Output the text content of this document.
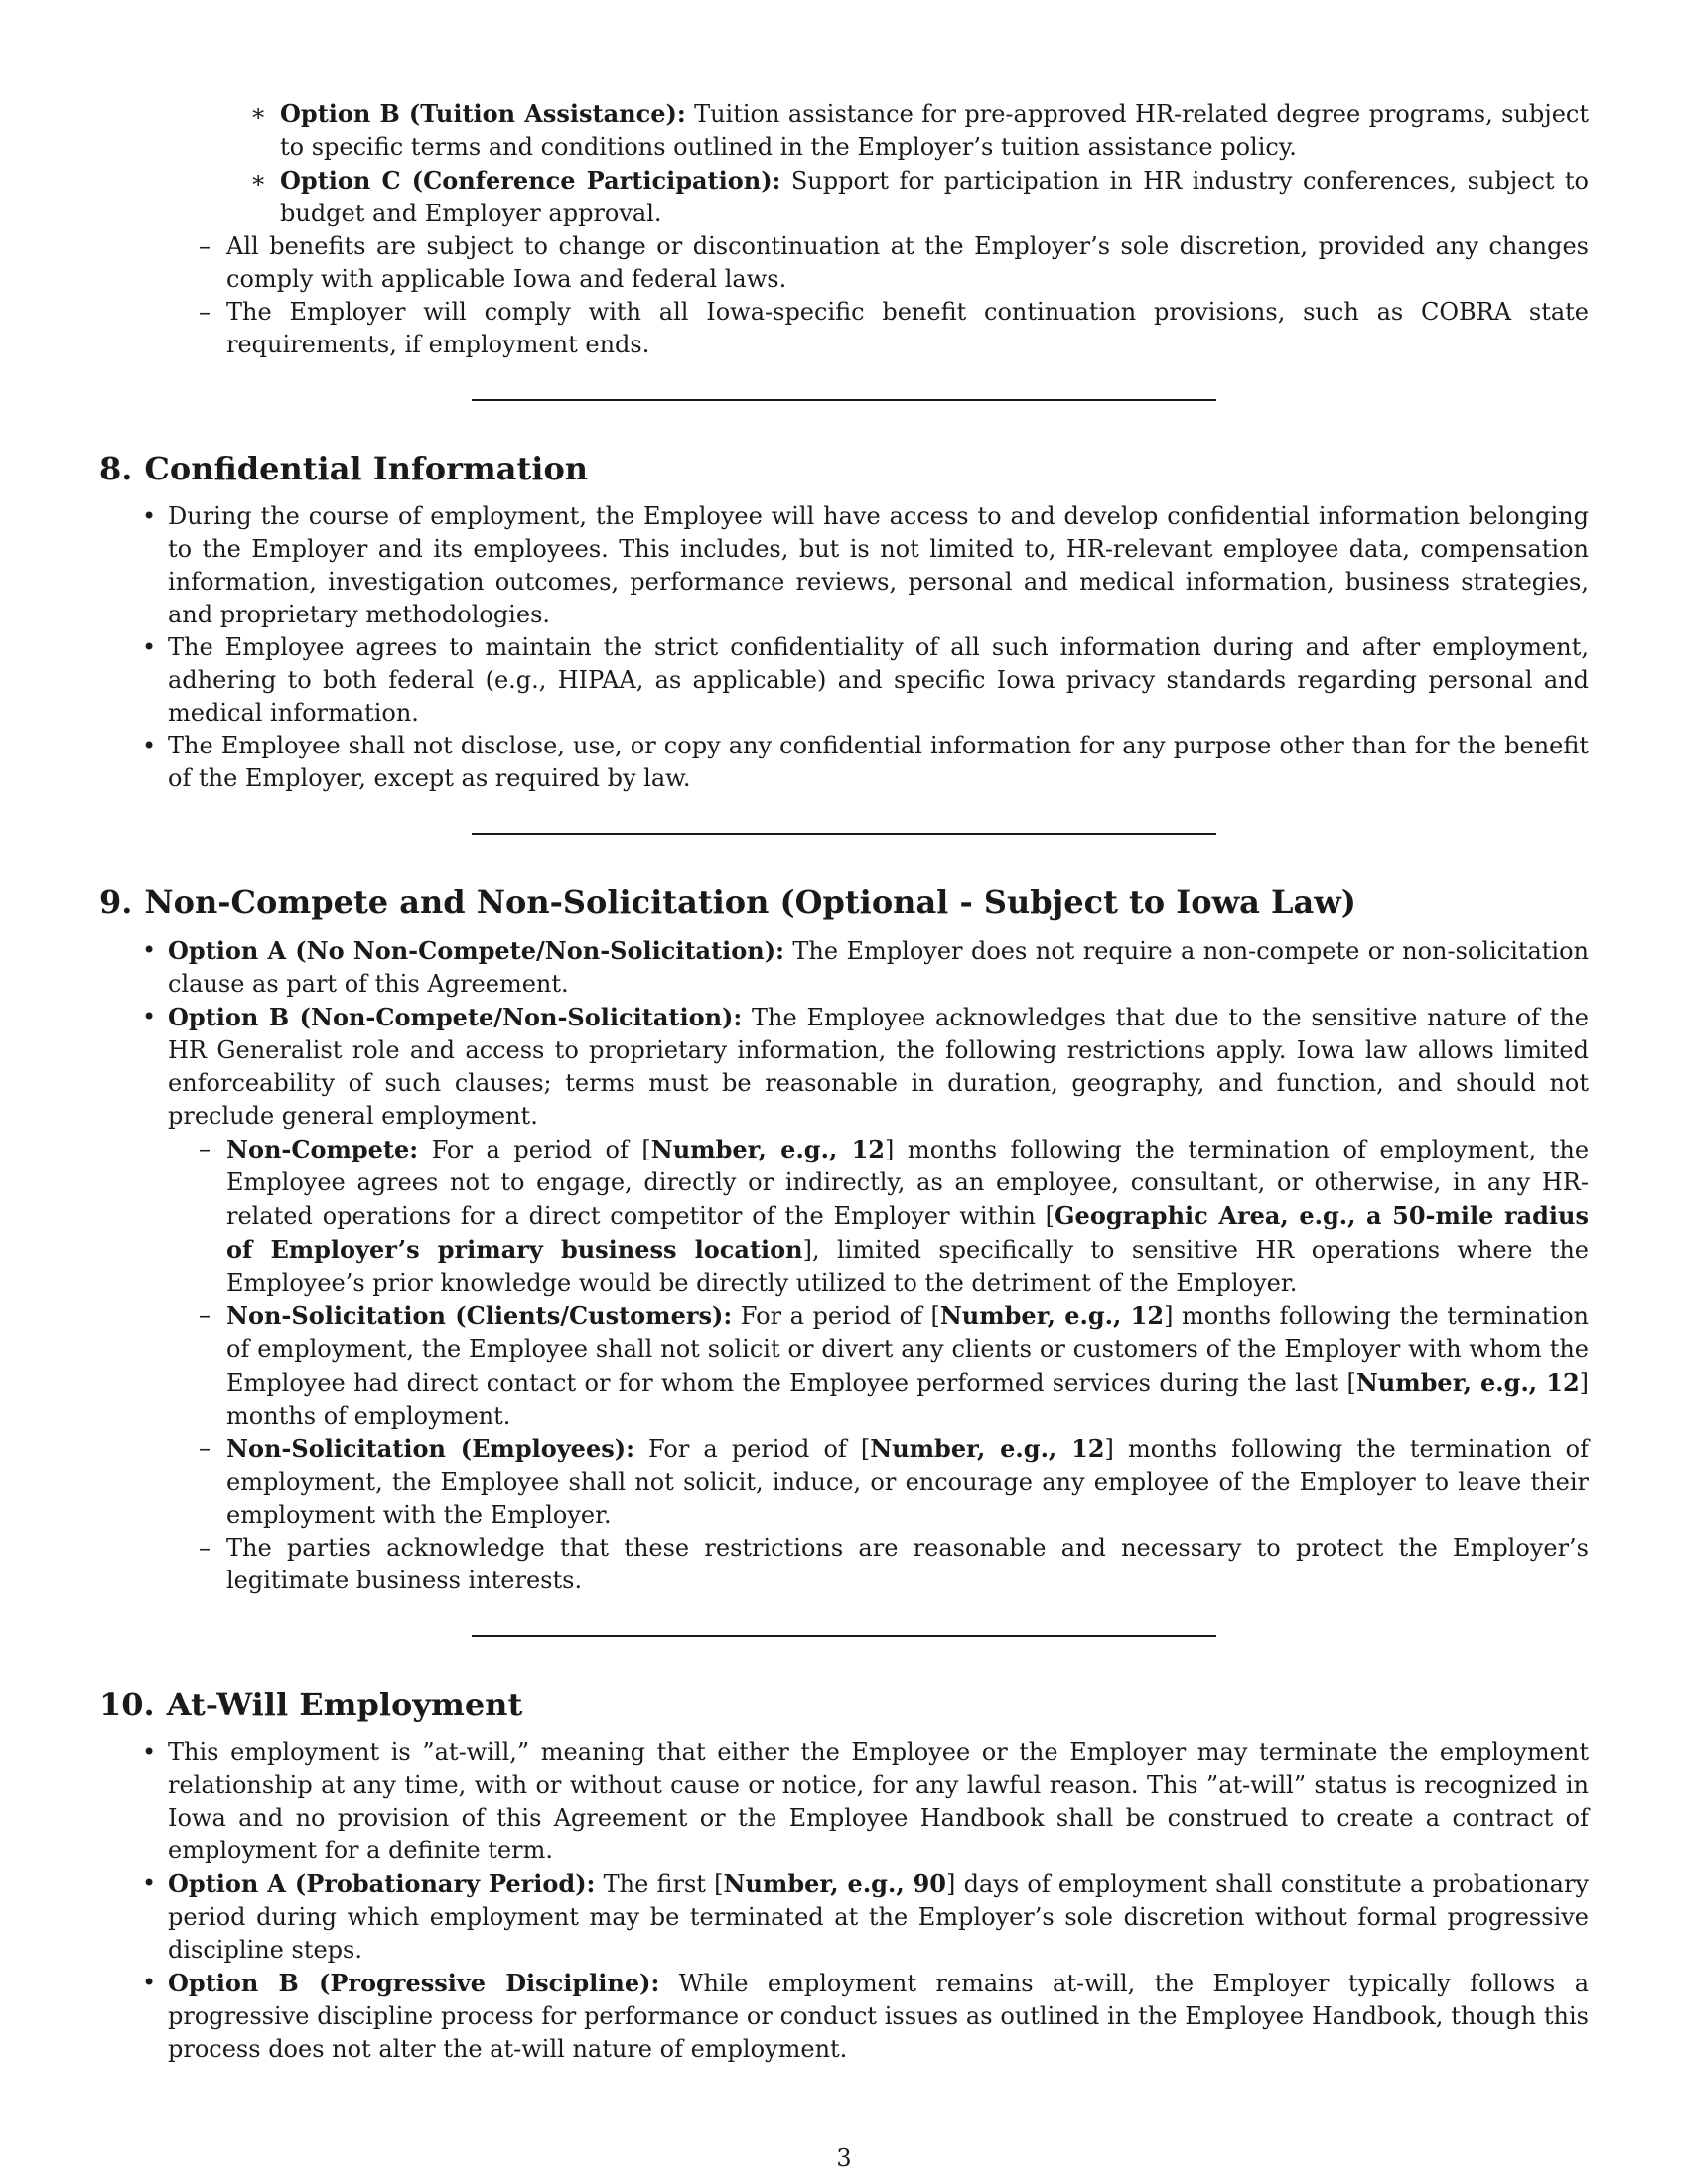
∗ Option B (Tuition Assistance): Tuition assistance for pre-approved HR-related degree programs, subject to specific terms and conditions outlined in the Employer’s tuition assistance policy.
∗ Option C (Conference Participation): Support for participation in HR industry conferences, subject to budget and Employer approval.
– All benefits are subject to change or discontinuation at the Employer’s sole discretion, provided any changes comply with applicable Iowa and federal laws.
– The Employer will comply with all Iowa-specific benefit continuation provisions, such as COBRA state requirements, if employment ends.
8. Confidential Information
• During the course of employment, the Employee will have access to and develop confidential information belonging to the Employer and its employees. This includes, but is not limited to, HR-relevant employee data, compensation information, investigation outcomes, performance reviews, personal and medical information, business strategies, and proprietary methodologies.
• The Employee agrees to maintain the strict confidentiality of all such information during and after employment, adhering to both federal (e.g., HIPAA, as applicable) and specific Iowa privacy standards regarding personal and medical information.
• The Employee shall not disclose, use, or copy any confidential information for any purpose other than for the benefit of the Employer, except as required by law.
9. Non-Compete and Non-Solicitation (Optional - Subject to Iowa Law)
• Option A (No Non-Compete/Non-Solicitation): The Employer does not require a non-compete or non-solicitation clause as part of this Agreement.
• Option B (Non-Compete/Non-Solicitation): The Employee acknowledges that due to the sensitive nature of the HR Generalist role and access to proprietary information, the following restrictions apply. Iowa law allows limited enforceability of such clauses; terms must be reasonable in duration, geography, and function, and should not preclude general employment.
– Non-Compete: For a period of [Number, e.g., 12] months following the termination of employment, the Employee agrees not to engage, directly or indirectly, as an employee, consultant, or otherwise, in any HR-related operations for a direct competitor of the Employer within [Geographic Area, e.g., a 50-mile radius of Employer’s primary business location], limited specifically to sensitive HR operations where the Employee’s prior knowledge would be directly utilized to the detriment of the Employer.
– Non-Solicitation (Clients/Customers): For a period of [Number, e.g., 12] months following the termination of employment, the Employee shall not solicit or divert any clients or customers of the Employer with whom the Employee had direct contact or for whom the Employee performed services during the last [Number, e.g., 12] months of employment.
– Non-Solicitation (Employees): For a period of [Number, e.g., 12] months following the termination of employment, the Employee shall not solicit, induce, or encourage any employee of the Employer to leave their employment with the Employer.
– The parties acknowledge that these restrictions are reasonable and necessary to protect the Employer’s legitimate business interests.
10. At-Will Employment
• This employment is ”at-will,” meaning that either the Employee or the Employer may terminate the employment relationship at any time, with or without cause or notice, for any lawful reason. This ”at-will” status is recognized in Iowa and no provision of this Agreement or the Employee Handbook shall be construed to create a contract of employment for a definite term.
• Option A (Probationary Period): The first [Number, e.g., 90] days of employment shall constitute a probationary period during which employment may be terminated at the Employer’s sole discretion without formal progressive discipline steps.
• Option B (Progressive Discipline): While employment remains at-will, the Employer typically follows a progressive discipline process for performance or conduct issues as outlined in the Employee Handbook, though this process does not alter the at-will nature of employment.
3
